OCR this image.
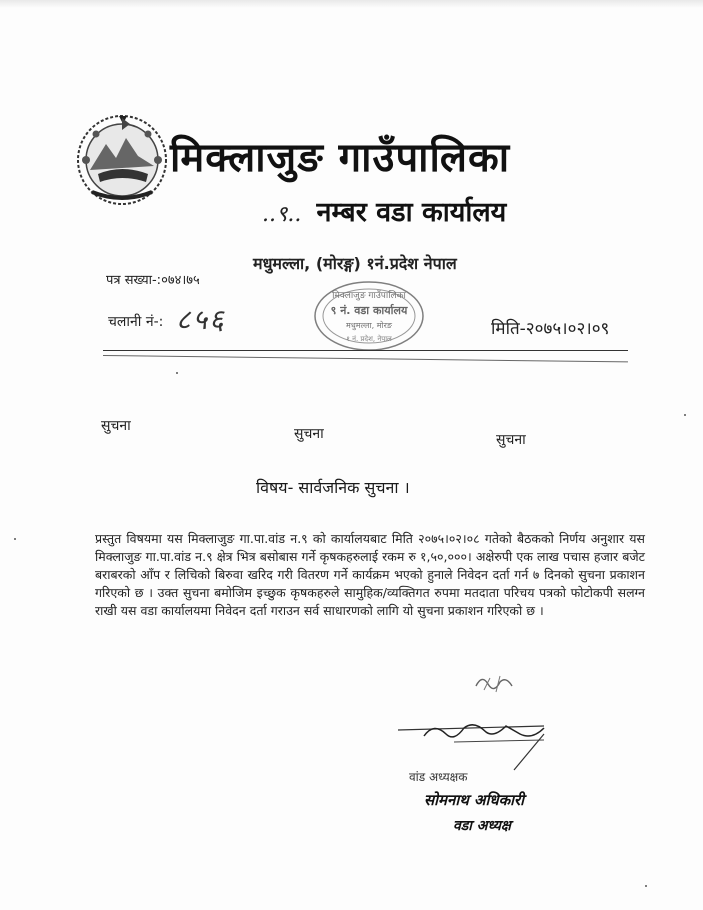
मिक्लाजुङ गाउँपालिका
..९.. नम्बर वडा कार्यालय
मधुमल्ला, (मोरङ्ग) १नं.प्रदेश नेपाल
पत्र सख्या-:०७४।७५
चलानी नं-: ८५६
मिक्लाजुङ गाउँपालिका
९ नं. वडा कार्यालय
मधुमल्ला, मोरङ
१ नं. प्रदेश, नेपाल	मिति-२०७५।०२।०९
सुचना	सुचना	सुचना
विषय- सार्वजनिक सुचना ।
प्रस्तुत विषयमा यस मिक्लाजुङ गा.पा.वांड न.९ को कार्यालयबाट मिति २०७५।०२।०८ गतेको बैठकको निर्णय अनुशार यस मिक्लाजुङ गा.पा.वांड न.९ क्षेत्र भित्र बसोबास गर्ने कृषकहरुलाई रकम रु १,५०,०००। अक्षेरुपी एक लाख पचास हजार बजेट बराबरको आँप र लिचिको बिरुवा खरिद गरी वितरण गर्ने कार्यक्रम भएको हुनाले निवेदन दर्ता गर्न ७ दिनको सुचना प्रकाशन गरिएको छ । उक्त सुचना बमोजिम इच्छुक कृषकहरुले सामुहिक/व्यक्तिगत रुपमा मतदाता परिचय पत्रको फोटोकपी सलग्न राखी यस वडा कार्यालयमा निवेदन दर्ता गराउन सर्व साधारणको लागि यो सुचना प्रकाशन गरिएको छ ।
वांड अध्यक्षक
सोमनाथ अधिकारी
वडा अध्यक्ष
